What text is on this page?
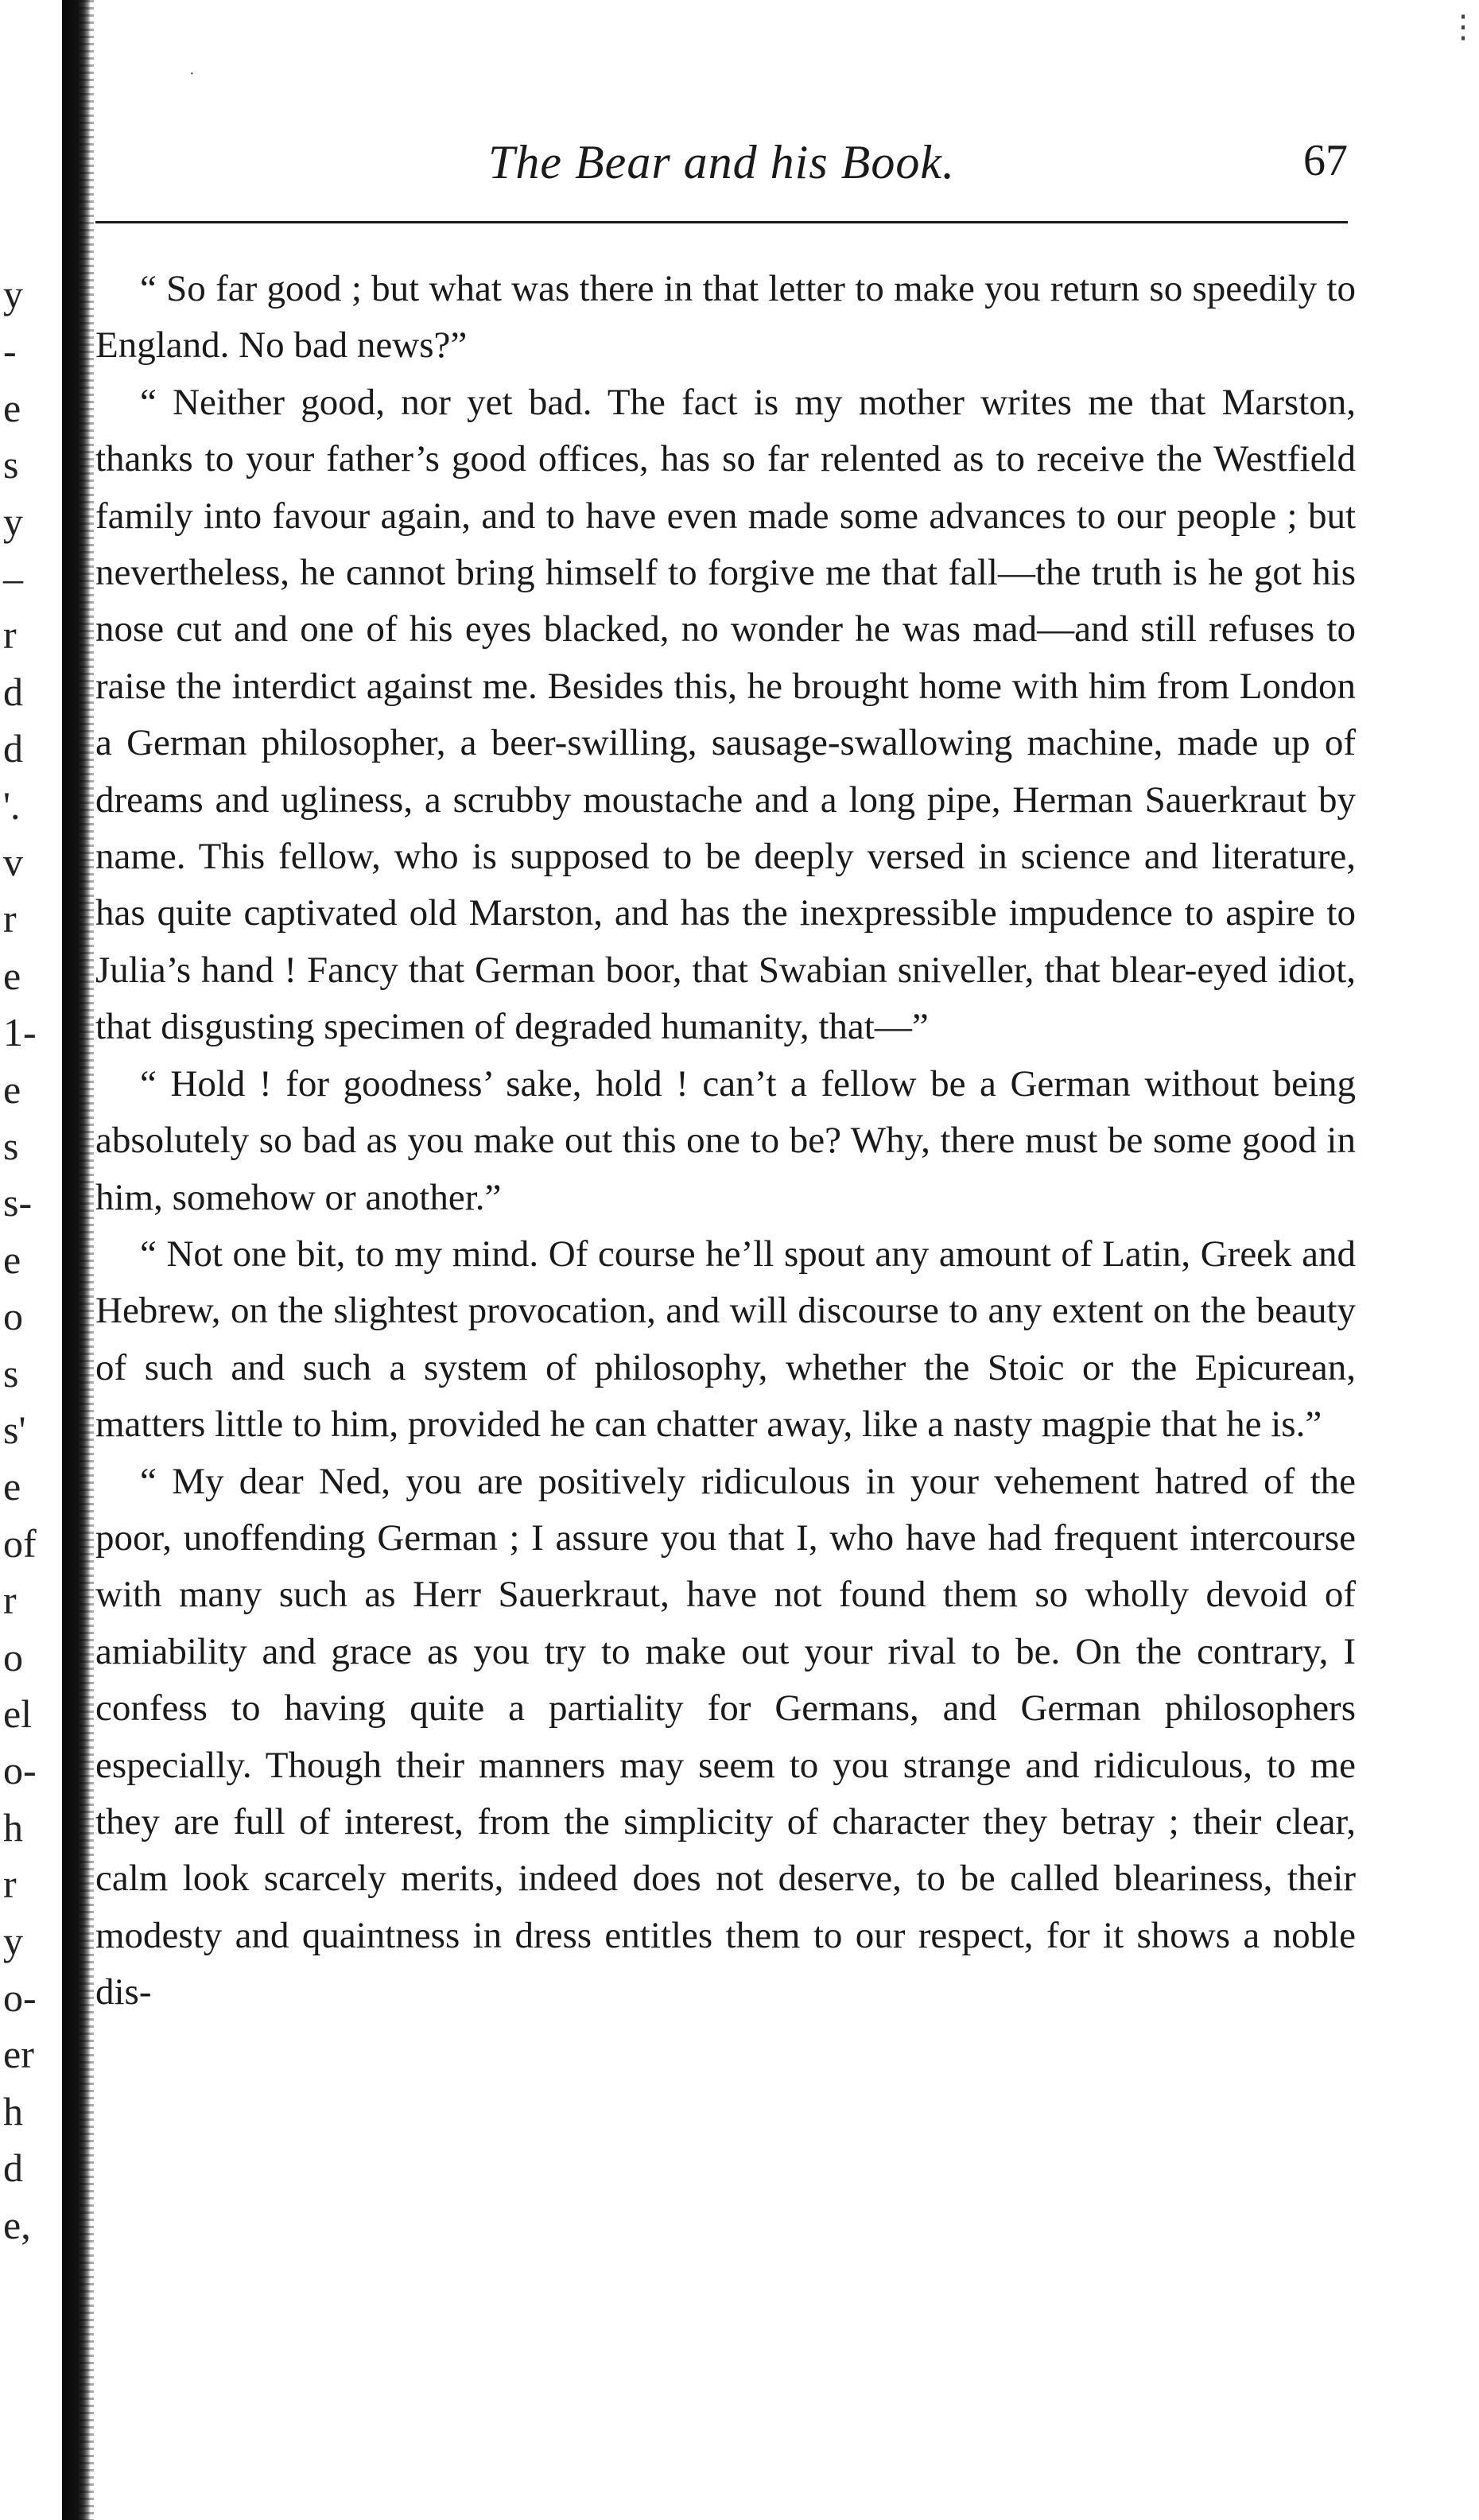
y
-
e
s
y
–
r
d
d
'.
v
r
e
1-
e
s
s-
e
o
s
s'
e
of
r
o
el
o-
h
r
y
o-
er
h
d
e,
⋮
·
The Bear and his Book.	67

“ So far good ; but what was there in that letter to make you return so speedily to England. No bad news?”

“ Neither good, nor yet bad. The fact is my mother writes me that Marston, thanks to your father’s good offices, has so far relented as to receive the Westfield family into favour again, and to have even made some advances to our people ; but nevertheless, he cannot bring himself to forgive me that fall—the truth is he got his nose cut and one of his eyes blacked, no wonder he was mad—and still refuses to raise the interdict against me. Besides this, he brought home with him from London a German philosopher, a beer-swilling, sausage-swallowing machine, made up of dreams and ugliness, a scrubby moustache and a long pipe, Herman Sauerkraut by name. This fellow, who is supposed to be deeply versed in science and literature, has quite captivated old Marston, and has the inexpressible impudence to aspire to Julia’s hand ! Fancy that German boor, that Swabian sniveller, that blear-eyed idiot, that disgusting specimen of degraded humanity, that—”

“ Hold ! for goodness’ sake, hold ! can’t a fellow be a German without being absolutely so bad as you make out this one to be? Why, there must be some good in him, somehow or another.”

“ Not one bit, to my mind. Of course he’ll spout any amount of Latin, Greek and Hebrew, on the slightest provocation, and will discourse to any extent on the beauty of such and such a system of philosophy, whether the Stoic or the Epicurean, matters little to him, provided he can chatter away, like a nasty magpie that he is.”

“ My dear Ned, you are positively ridiculous in your vehement hatred of the poor, unoffending German ; I assure you that I, who have had frequent intercourse with many such as Herr Sauerkraut, have not found them so wholly devoid of amiability and grace as you try to make out your rival to be. On the contrary, I confess to having quite a partiality for Germans, and German philosophers especially. Though their manners may seem to you strange and ridiculous, to me they are full of interest, from the simplicity of character they betray ; their clear, calm look scarcely merits, indeed does not deserve, to be called bleariness, their modesty and quaintness in dress entitles them to our respect, for it shows a noble dis-
